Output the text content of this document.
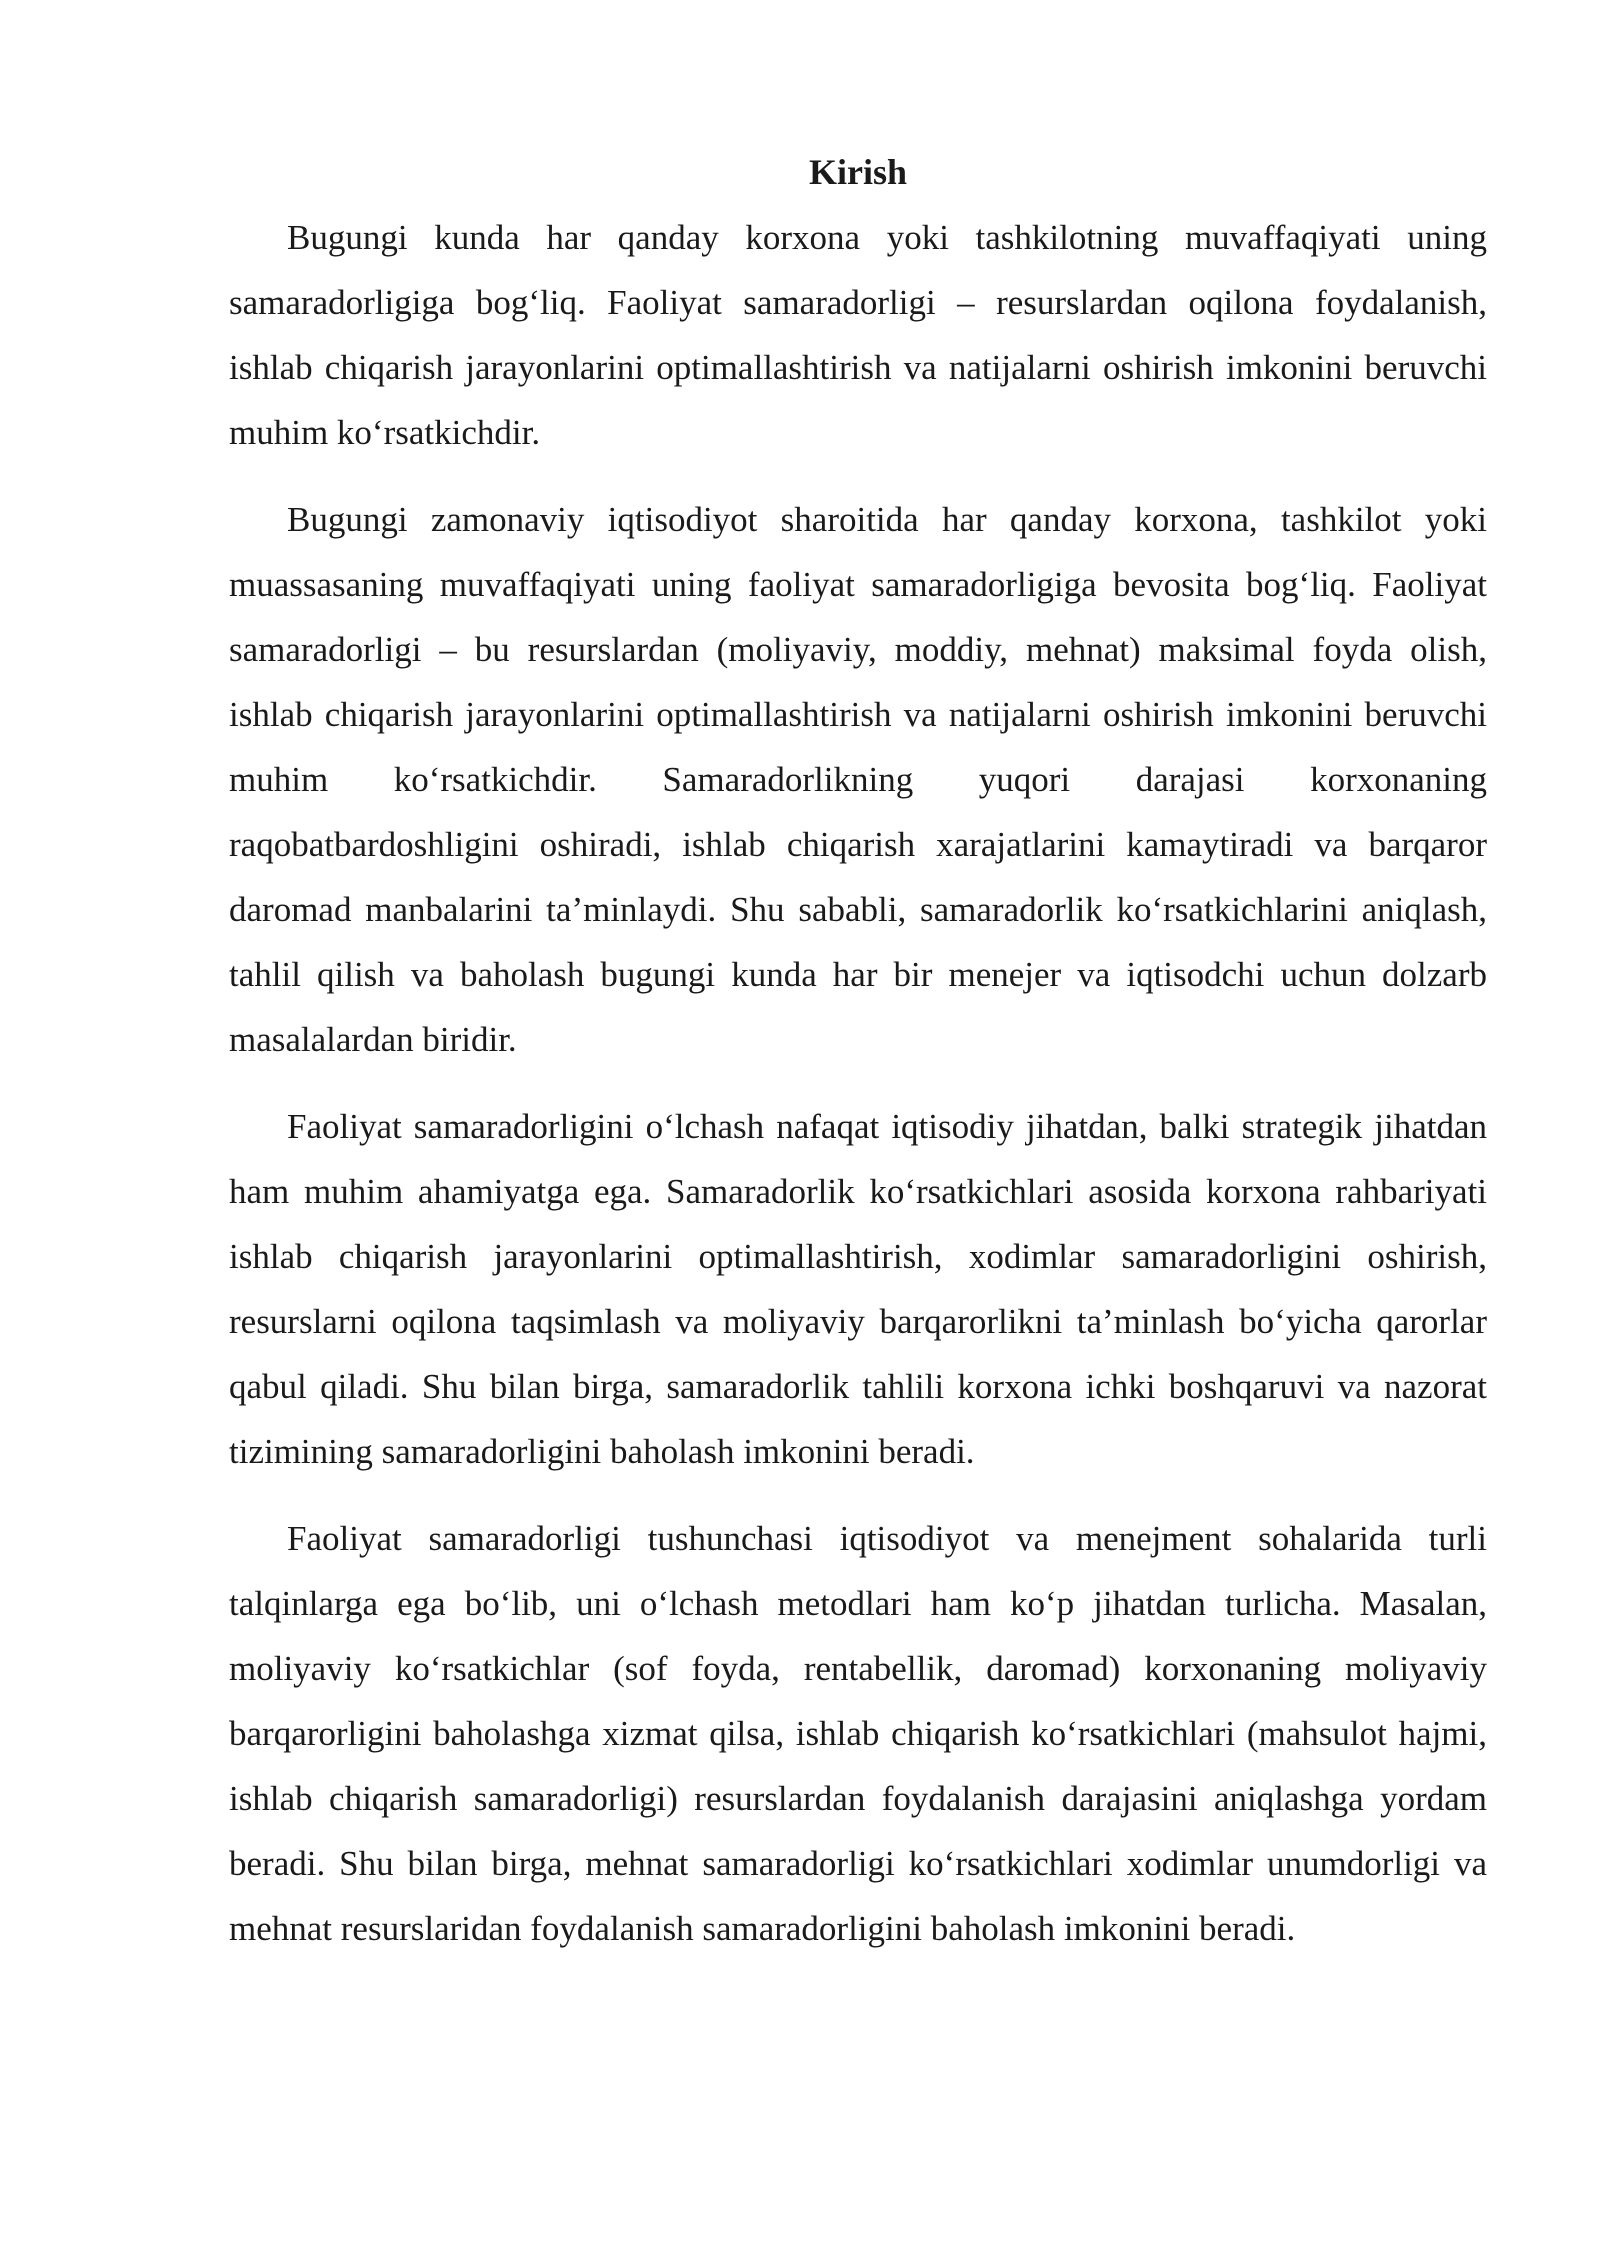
Kirish

Bugungi kunda har qanday korxona yoki tashkilotning muvaffaqiyati uning samaradorligiga bog‘liq. Faoliyat samaradorligi – resurslardan oqilona foydalanish, ishlab chiqarish jarayonlarini optimallashtirish va natijalarni oshirish imkonini beruvchi muhim ko‘rsatkichdir.

Bugungi zamonaviy iqtisodiyot sharoitida har qanday korxona, tashkilot yoki muassasaning muvaffaqiyati uning faoliyat samaradorligiga bevosita bog‘liq. Faoliyat samaradorligi – bu resurslardan (moliyaviy, moddiy, mehnat) maksimal foyda olish, ishlab chiqarish jarayonlarini optimallashtirish va natijalarni oshirish imkonini beruvchi muhim ko‘rsatkichdir. Samaradorlikning yuqori darajasi korxonaning raqobatbardoshligini oshiradi, ishlab chiqarish xarajatlarini kamaytiradi va barqaror daromad manbalarini ta’minlaydi. Shu sababli, samaradorlik ko‘rsatkichlarini aniqlash, tahlil qilish va baholash bugungi kunda har bir menejer va iqtisodchi uchun dolzarb masalalardan biridir.

Faoliyat samaradorligini o‘lchash nafaqat iqtisodiy jihatdan, balki strategik jihatdan ham muhim ahamiyatga ega. Samaradorlik ko‘rsatkichlari asosida korxona rahbariyati ishlab chiqarish jarayonlarini optimallashtirish, xodimlar samaradorligini oshirish, resurslarni oqilona taqsimlash va moliyaviy barqarorlikni ta’minlash bo‘yicha qarorlar qabul qiladi. Shu bilan birga, samaradorlik tahlili korxona ichki boshqaruvi va nazorat tizimining samaradorligini baholash imkonini beradi.

Faoliyat samaradorligi tushunchasi iqtisodiyot va menejment sohalarida turli talqinlarga ega bo‘lib, uni o‘lchash metodlari ham ko‘p jihatdan turlicha. Masalan, moliyaviy ko‘rsatkichlar (sof foyda, rentabellik, daromad) korxonaning moliyaviy barqarorligini baholashga xizmat qilsa, ishlab chiqarish ko‘rsatkichlari (mahsulot hajmi, ishlab chiqarish samaradorligi) resurslardan foydalanish darajasini aniqlashga yordam beradi. Shu bilan birga, mehnat samaradorligi ko‘rsatkichlari xodimlar unumdorligi va mehnat resurslaridan foydalanish samaradorligini baholash imkonini beradi.
